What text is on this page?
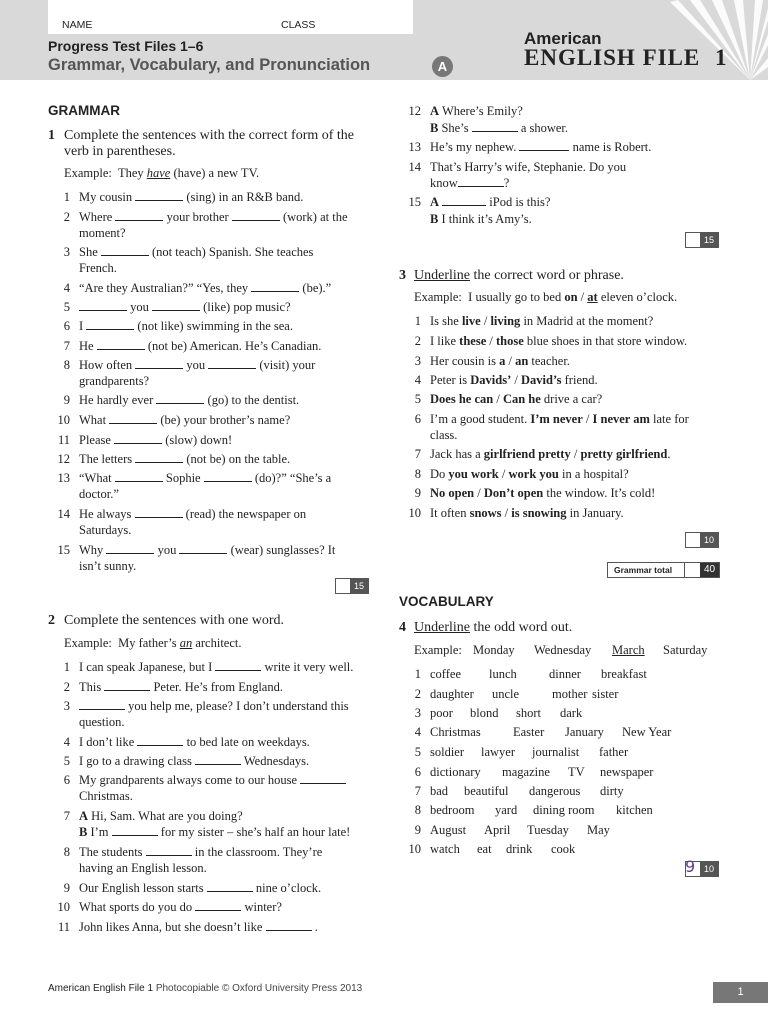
NAME	CLASS
Progress Test Files 1–6
Grammar, Vocabulary, and Pronunciation	A
American
ENGLISH FILE 1
GRAMMAR
1 Complete the sentences with the correct form of the verb in parentheses.
Example: They have (have) a new TV.
1 My cousin	(sing) in an R&B band.
2 Where	your brother	(work) at the
moment?
3 She	(not teach) Spanish. She teaches
French.
4 “Are they Australian?” “Yes, they	(be).”
5	you	(like) pop music?
6 I	(not like) swimming in the sea.
7 He	(not be) American. He’s Canadian.
8 How often	you	(visit) your
grandparents?
9 He hardly ever	(go) to the dentist.
10 What	(be) your brother’s name?
11 Please	(slow) down!
12 The letters	(not be) on the table.
13 “What	Sophie	(do)?” “She’s a
doctor.”
14 He always	(read) the newspaper on
Saturdays.
15 Why	you	(wear) sunglasses? It
isn’t sunny.
15
2 Complete the sentences with one word.
Example: My father’s an architect.
1 I can speak Japanese, but I	write it very well.
2 This	Peter. He’s from England.
3	you help me, please? I don’t understand this
question.
4 I don’t like	to bed late on weekdays.
5 I go to a drawing class	Wednesdays.
6 My grandparents always come to our house
Christmas.
7 A Hi, Sam. What are you doing?
B I’m	for my sister – she’s half an hour late!
8 The students	in the classroom. They’re
having an English lesson.
9 Our English lesson starts	nine o’clock.
10 What sports do you do	winter?
11 John likes Anna, but she doesn’t like	.
12 A Where’s Emily?
B She’s	a shower.
13 He’s my nephew.	name is Robert.
14 That’s Harry’s wife, Stephanie. Do you
know	?
15 A	iPod is this?
B I think it’s Amy’s.
15
3 Underline the correct word or phrase.
Example: I usually go to bed on / at eleven o’clock.
1 Is she live / living in Madrid at the moment?
2 I like these / those blue shoes in that store window.
3 Her cousin is a / an teacher.
4 Peter is Davids’ / David’s friend.
5 Does he can / Can he drive a car?
6 I’m a good student. I’m never / I never am late for
class.
7 Jack has a girlfriend pretty / pretty girlfriend.
8 Do you work / work you in a hospital?
9 No open / Don’t open the window. It’s cold!
10 It often snows / is snowing in January.
10
VOCABULARY
4 Underline the odd word out.
Example: Monday Wednesday March Saturday
1 coffee lunch	dinner breakfast
2 daughter uncle	mother sister
3 poor blond short dark
4 Christmas	Easter January New Year
5 soldier lawyer journalist father
6 dictionary magazine TV newspaper
7 bad beautiful dangerous dirty
8 bedroom yard dining room kitchen
9 August April Tuesday May
10 watch eat drink cook
9 10
Grammar total	40
American English File 1 Photocopiable © Oxford University Press 2013	1
